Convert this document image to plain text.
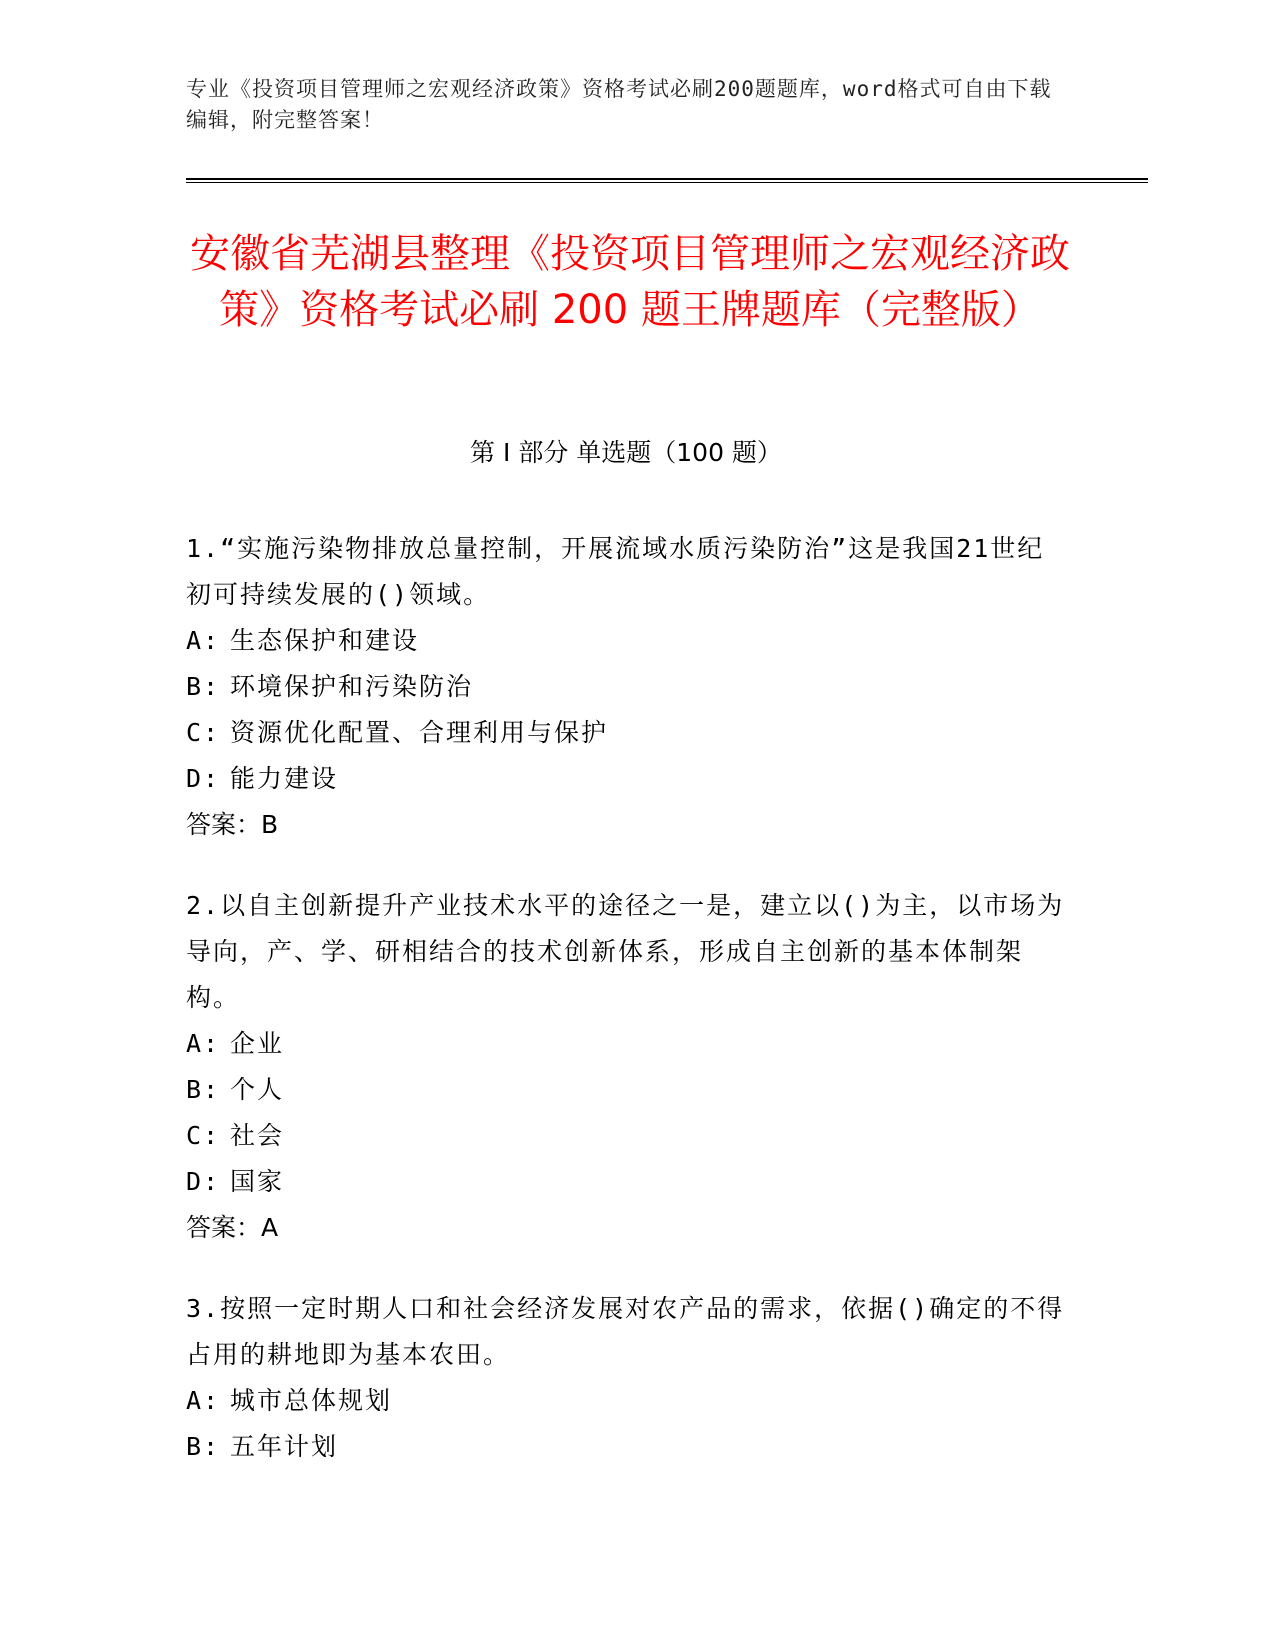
专业《投资项目管理师之宏观经济政策》资格考试必刷200题题库，word格式可自由下载编辑，附完整答案！
安徽省芜湖县整理《投资项目管理师之宏观经济政策》资格考试必刷 200 题王牌题库（完整版）
第 I 部分 单选题（100 题）

1.“实施污染物排放总量控制，开展流域水质污染防治”这是我国21世纪初可持续发展的()领域。

A: 生态保护和建设

B: 环境保护和污染防治

C: 资源优化配置、合理利用与保护

D: 能力建设

答案：B

2.以自主创新提升产业技术水平的途径之一是，建立以()为主，以市场为导向，产、学、研相结合的技术创新体系，形成自主创新的基本体制架构。

A: 企业

B: 个人

C: 社会

D: 国家

答案：A

3.按照一定时期人口和社会经济发展对农产品的需求，依据()确定的不得占用的耕地即为基本农田。

A: 城市总体规划

B: 五年计划
